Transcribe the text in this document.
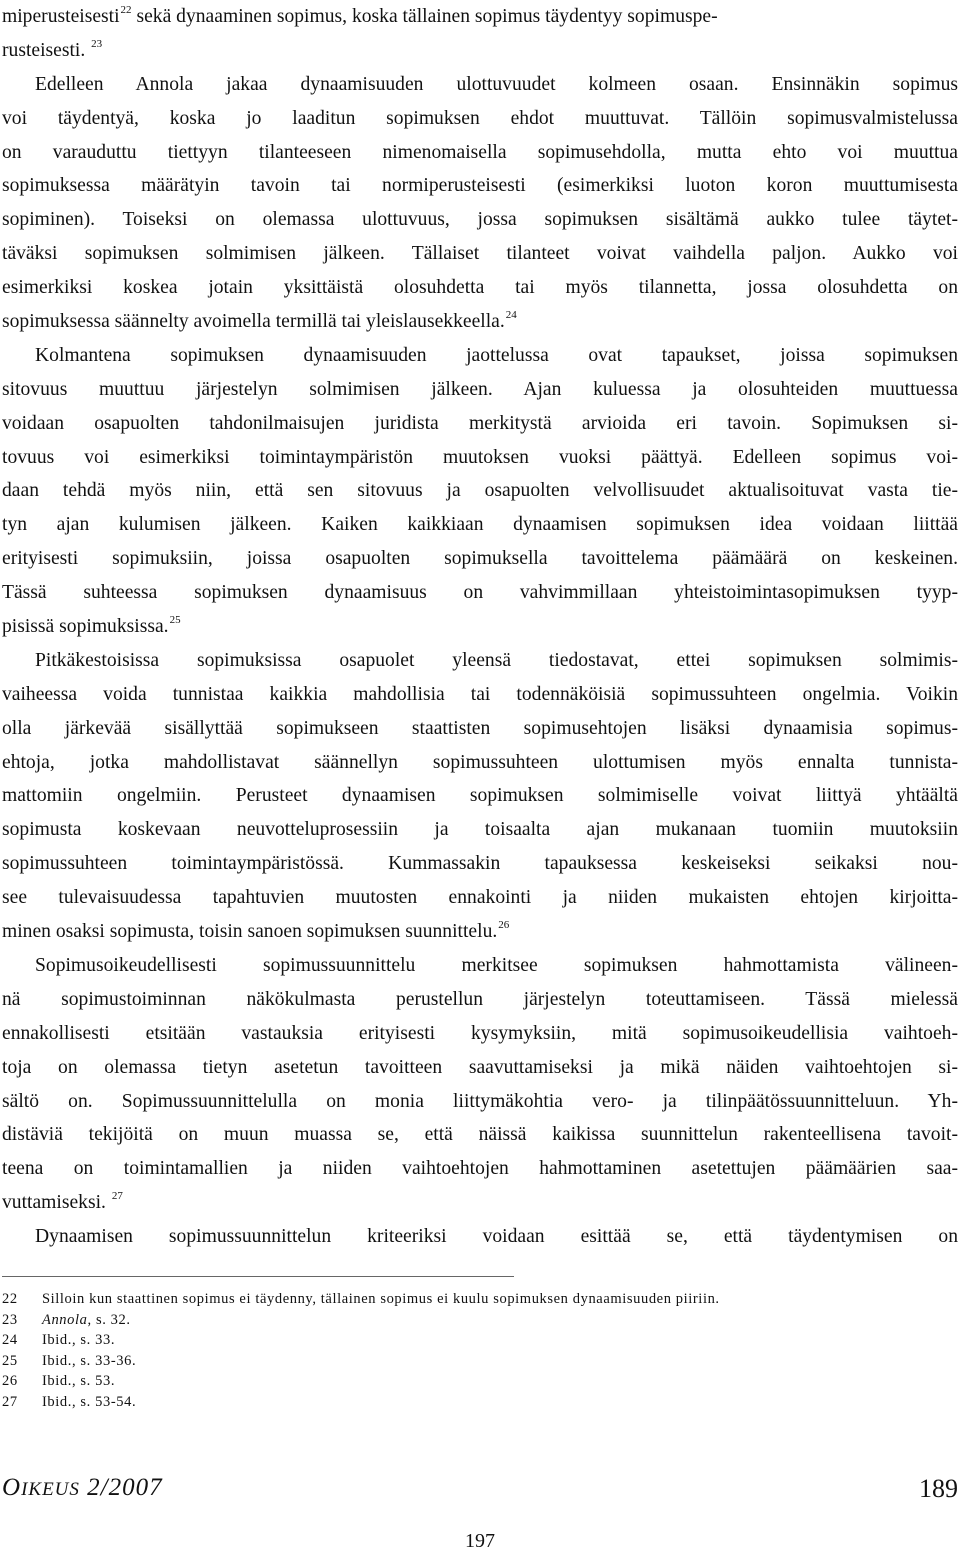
miperusteisesti$^{22}$ sekä dynaaminen sopimus, koska tällainen sopimus täydentyy sopimuspe-
rusteisesti. $^{23}$
Edelleen Annola jakaa dynaamisuuden ulottuvuudet kolmeen osaan. Ensinnäkin sopimus
voi täydentyä, koska jo laaditun sopimuksen ehdot muuttuvat. Tällöin sopimusvalmistelussa
on varauduttu tiettyyn tilanteeseen nimenomaisella sopimusehdolla, mutta ehto voi muuttua
sopimuksessa määrätyin tavoin tai normiperusteisesti (esimerkiksi luoton koron muuttumisesta
sopiminen). Toiseksi on olemassa ulottuvuus, jossa sopimuksen sisältämä aukko tulee täytet-
täväksi sopimuksen solmimisen jälkeen. Tällaiset tilanteet voivat vaihdella paljon. Aukko voi
esimerkiksi koskea jotain yksittäistä olosuhdetta tai myös tilannetta, jossa olosuhdetta on
sopimuksessa säännelty avoimella termillä tai yleislausekkeella.$^{24}$
Kolmantena sopimuksen dynaamisuuden jaottelussa ovat tapaukset, joissa sopimuksen
sitovuus muuttuu järjestelyn solmimisen jälkeen. Ajan kuluessa ja olosuhteiden muuttuessa
voidaan osapuolten tahdonilmaisujen juridista merkitystä arvioida eri tavoin. Sopimuksen si-
tovuus voi esimerkiksi toimintaympäristön muutoksen vuoksi päättyä. Edelleen sopimus voi-
daan tehdä myös niin, että sen sitovuus ja osapuolten velvollisuudet aktualisoituvat vasta tie-
tyn ajan kulumisen jälkeen. Kaiken kaikkiaan dynaamisen sopimuksen idea voidaan liittää
erityisesti sopimuksiin, joissa osapuolten sopimuksella tavoittelema päämäärä on keskeinen.
Tässä suhteessa sopimuksen dynaamisuus on vahvimmillaan yhteistoimintasopimuksen tyyp-
pisissä sopimuksissa.$^{25}$
Pitkäkestoisissa sopimuksissa osapuolet yleensä tiedostavat, ettei sopimuksen solmimis-
vaiheessa voida tunnistaa kaikkia mahdollisia tai todennäköisiä sopimussuhteen ongelmia. Voikin
olla järkevää sisällyttää sopimukseen staattisten sopimusehtojen lisäksi dynaamisia sopimus-
ehtoja, jotka mahdollistavat säännellyn sopimussuhteen ulottumisen myös ennalta tunnista-
mattomiin ongelmiin. Perusteet dynaamisen sopimuksen solmimiselle voivat liittyä yhtäältä
sopimusta koskevaan neuvotteluprosessiin ja toisaalta ajan mukanaan tuomiin muutoksiin
sopimussuhteen toimintaympäristössä. Kummassakin tapauksessa keskeiseksi seikaksi nou-
see tulevaisuudessa tapahtuvien muutosten ennakointi ja niiden mukaisten ehtojen kirjoitta-
minen osaksi sopimusta, toisin sanoen sopimuksen suunnittelu.$^{26}$
Sopimusoikeudellisesti sopimussuunnittelu merkitsee sopimuksen hahmottamista välineen-
nä sopimustoiminnan näkökulmasta perustellun järjestelyn toteuttamiseen. Tässä mielessä
ennakollisesti etsitään vastauksia erityisesti kysymyksiin, mitä sopimusoikeudellisia vaihtoeh-
toja on olemassa tietyn asetetun tavoitteen saavuttamiseksi ja mikä näiden vaihtoehtojen si-
sältö on. Sopimussuunnittelulla on monia liittymäkohtia vero- ja tilinpäätössuunnitteluun. Yh-
distäviä tekijöitä on muun muassa se, että näissä kaikissa suunnittelun rakenteellisena tavoit-
teena on toimintamallien ja niiden vaihtoehtojen hahmottaminen asetettujen päämäärien saa-
vuttamiseksi. $^{27}$
Dynaamisen sopimussuunnittelun kriteeriksi voidaan esittää se, että täydentymisen on
22 Silloin kun staattinen sopimus ei täydenny, tällainen sopimus ei kuulu sopimuksen dynaamisuuden piiriin.
23 Annola, s. 32.
24 Ibid., s. 33.
25 Ibid., s. 33-36.
26 Ibid., s. 53.
27 Ibid., s. 53-54.
OIKEUS 2/2007	189
197
